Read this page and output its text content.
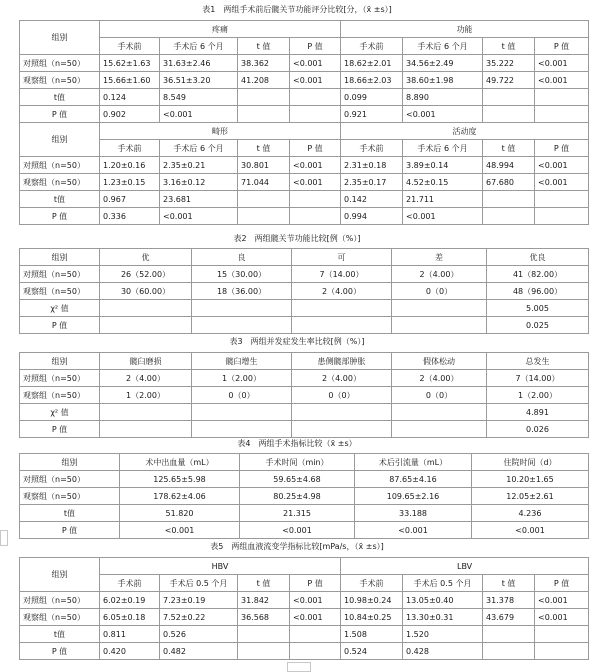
表1　两组手术前后髋关节功能评分比较[分，（x̄ ±s）]
组别	疼痛				功能			
	手术前	手术后 6 个月	t 值	P 值	手术前	手术后 6 个月	t 值	P 值
对照组（n=50）	15.62±1.63	31.63±2.46	38.362	<0.001	18.62±2.01	34.56±2.49	35.222	<0.001
观察组（n=50）	15.66±1.60	36.51±3.20	41.208	<0.001	18.66±2.03	38.60±1.98	49.722	<0.001
t值	0.124	8.549			0.099	8.890		
P 值	0.902	<0.001			0.921	<0.001		
组别	畸形				活动度			
	手术前	手术后 6 个月	t 值	P 值	手术前	手术后 6 个月	t 值	P 值
对照组（n=50）	1.20±0.16	2.35±0.21	30.801	<0.001	2.31±0.18	3.89±0.14	48.994	<0.001
观察组（n=50）	1.23±0.15	3.16±0.12	71.044	<0.001	2.35±0.17	4.52±0.15	67.680	<0.001
t值	0.967	23.681			0.142	21.711		
P 值	0.336	<0.001			0.994	<0.001		
表2　两组髋关节功能比较[例（%）]
组别	优	良	可	差	优良
对照组（n=50）	26（52.00）	15（30.00）	7（14.00）	2（4.00）	41（82.00）
观察组（n=50）	30（60.00）	18（36.00）	2（4.00）	0（0）	48（96.00）
χ² 值					5.005
P 值					0.025
表3　两组并发症发生率比较[例（%）]
组别	髋臼磨损	髋臼增生	患侧髋部肿胀	假体松动	总发生
对照组（n=50）	2（4.00）	1（2.00）	2（4.00）	2（4.00）	7（14.00）
观察组（n=50）	1（2.00）	0（0）	0（0）	0（0）	1（2.00）
χ² 值					4.891
P 值					0.026
表4　两组手术指标比较（x̄ ±s）
组别	术中出血量（mL）	手术时间（min）	术后引流量（mL）	住院时间（d）
对照组（n=50）	125.65±5.98	59.65±4.68	87.65±4.16	10.20±1.65
观察组（n=50）	178.62±4.06	80.25±4.98	109.65±2.16	12.05±2.61
t值	51.820	21.315	33.188	4.236
P 值	<0.001	<0.001	<0.001	<0.001
表5　两组血液流变学指标比较[mPa/s，（x̄ ±s）]
组别	HBV				LBV			
	手术前	手术后 0.5 个月	t 值	P 值	手术前	手术后 0.5 个月	t 值	P 值
对照组（n=50）	6.02±0.19	7.23±0.19	31.842	<0.001	10.98±0.24	13.05±0.40	31.378	<0.001
观察组（n=50）	6.05±0.18	7.52±0.22	36.568	<0.001	10.84±0.25	13.30±0.31	43.679	<0.001
t值	0.811	0.526			1.508	1.520		
P 值	0.420	0.482			0.524	0.428		
